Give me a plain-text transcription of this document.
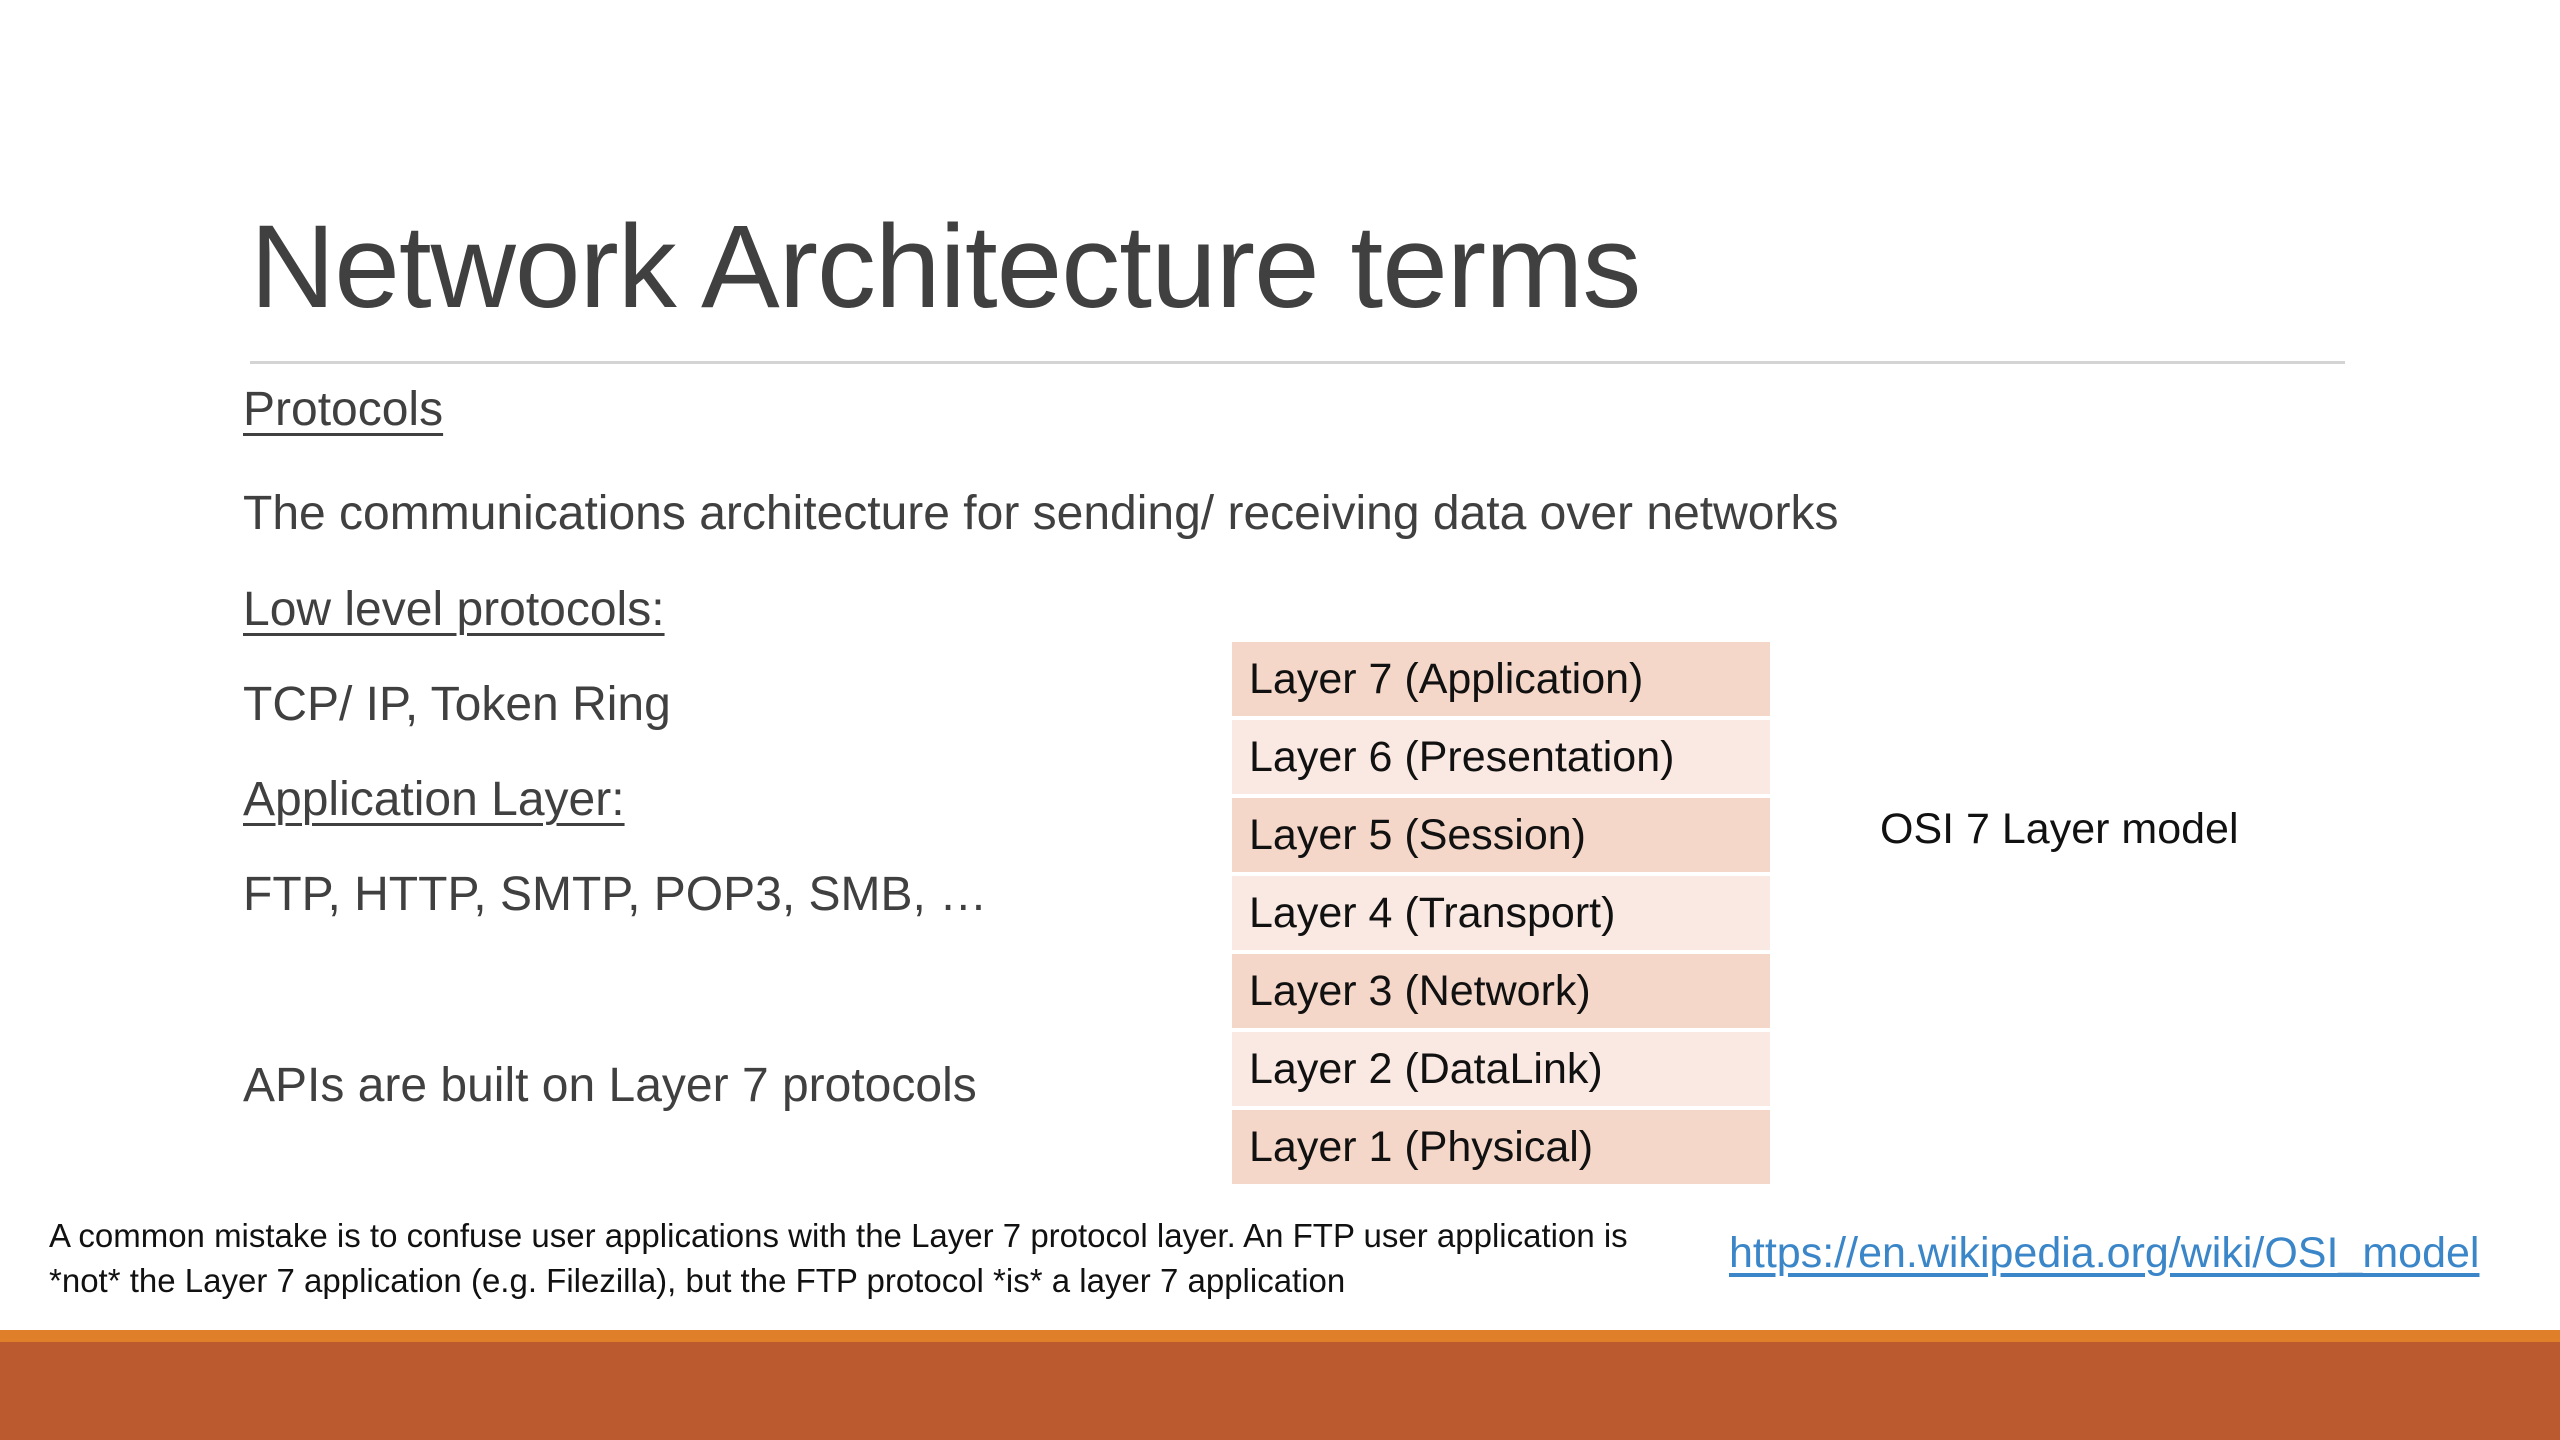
Network Architecture terms
Protocols
The communications architecture for sending/ receiving data over networks
Low level protocols:
TCP/ IP, Token Ring
Application Layer:
FTP, HTTP, SMTP, POP3, SMB, …
APIs are built on Layer 7 protocols
Layer 7 (Application)
Layer 6 (Presentation)
Layer 5 (Session)
Layer 4 (Transport)
Layer 3 (Network)
Layer 2 (DataLink)
Layer 1 (Physical)
OSI 7 Layer model
A common mistake is to confuse user applications with the Layer 7 protocol layer. An FTP user application is
*not* the Layer 7 application (e.g. Filezilla), but the FTP protocol *is* a layer 7 application
https://en.wikipedia.org/wiki/OSI_model
